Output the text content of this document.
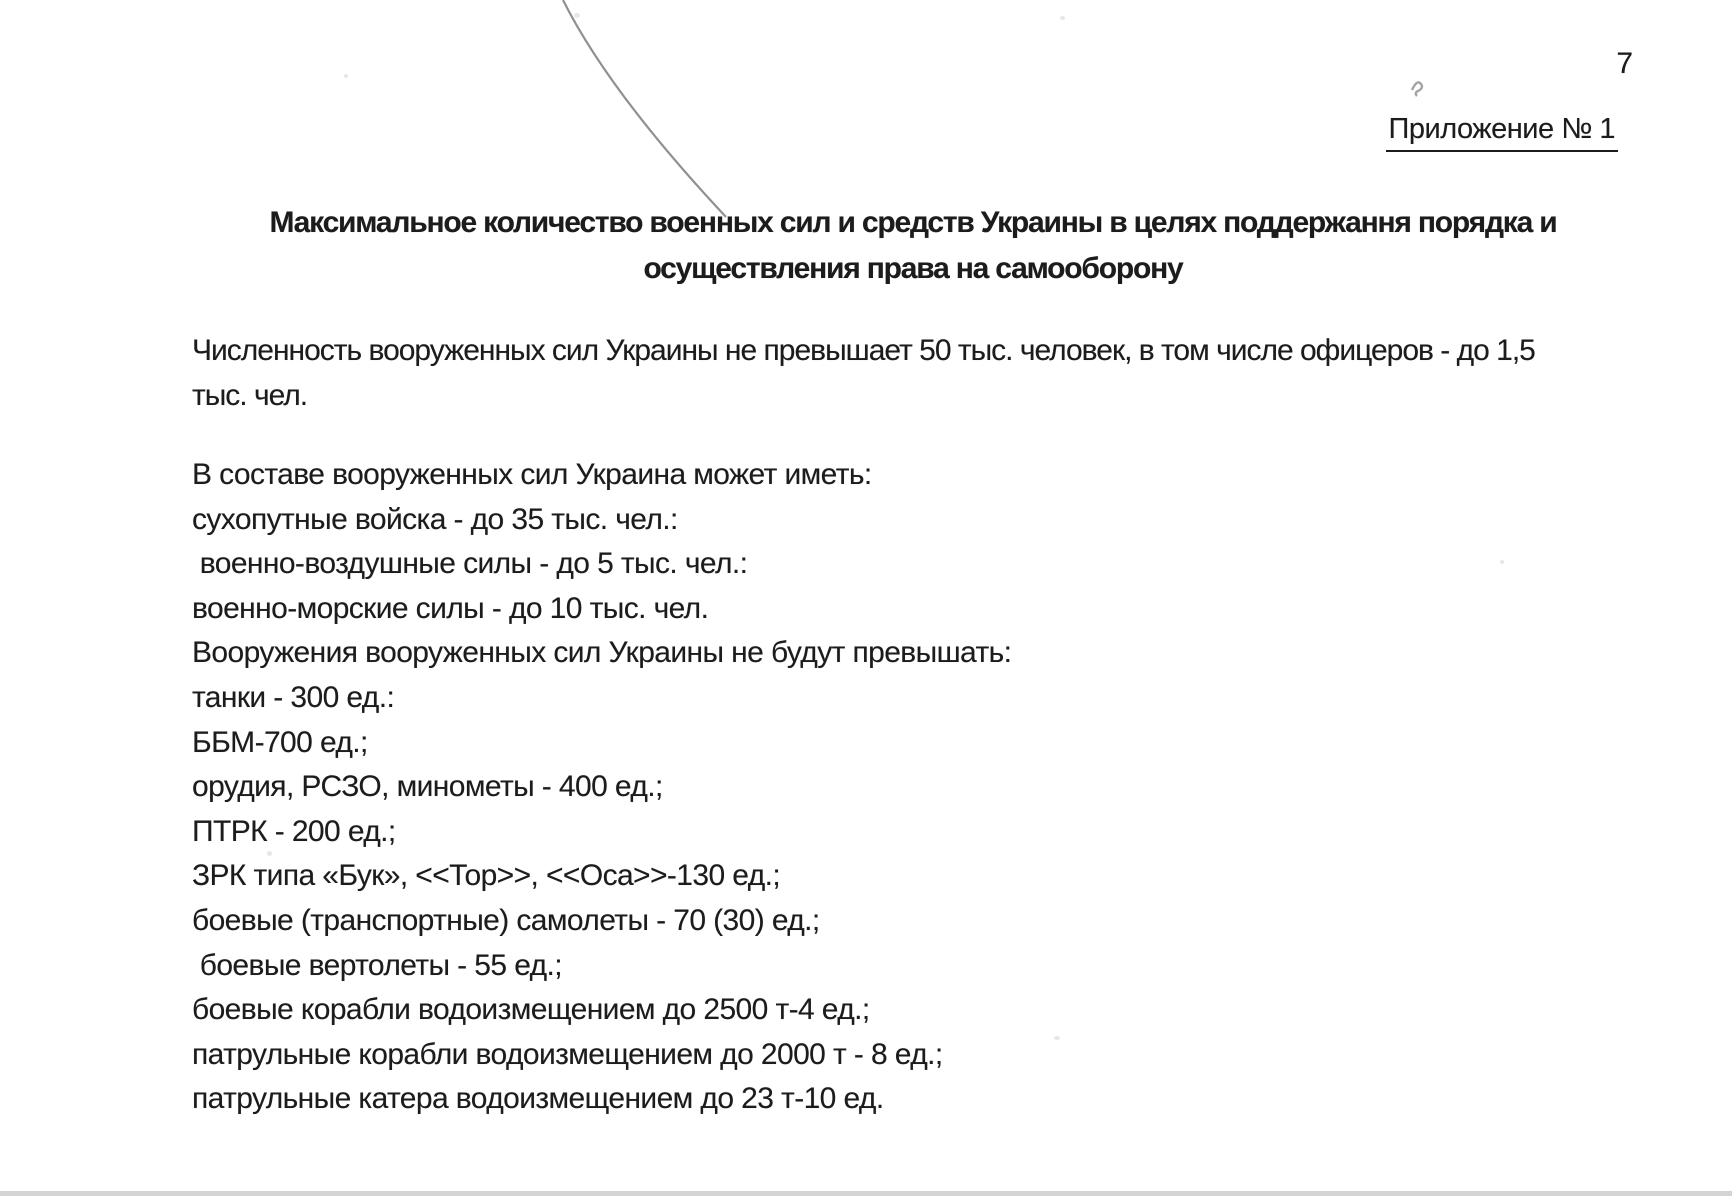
7
Приложение № 1
Максимальное количество военных сил и средств Украины в целях поддержання порядка и
осуществления права на самооборону
Численность вооруженных сил Украины не превышает 50 тыс. человек, в том числе офицеров - до 1,5
тыс. чел.
В составе вооруженных сил Украина может иметь:
сухопутные войска - до 35 тыс. чел.:
военно-воздушные силы - до 5 тыс. чел.:
военно-морские силы - до 10 тыс. чел.
Вооружения вооруженных сил Украины не будут превышать:
танки - 300 ед.:
ББМ-700 ед.;
орудия, РСЗО, минометы - 400 ед.;
ПТРК - 200 ед.;
ЗРК типа «Бук», <<Тор>>, <<Оса>>-130 ед.;
боевые (транспортные) самолеты - 70 (30) ед.;
боевые вертолеты - 55 ед.;
боевые корабли водоизмещением до 2500 т-4 ед.;
патрульные корабли водоизмещением до 2000 т - 8 ед.;
патрульные катера водоизмещением до 23 т-10 ед.
